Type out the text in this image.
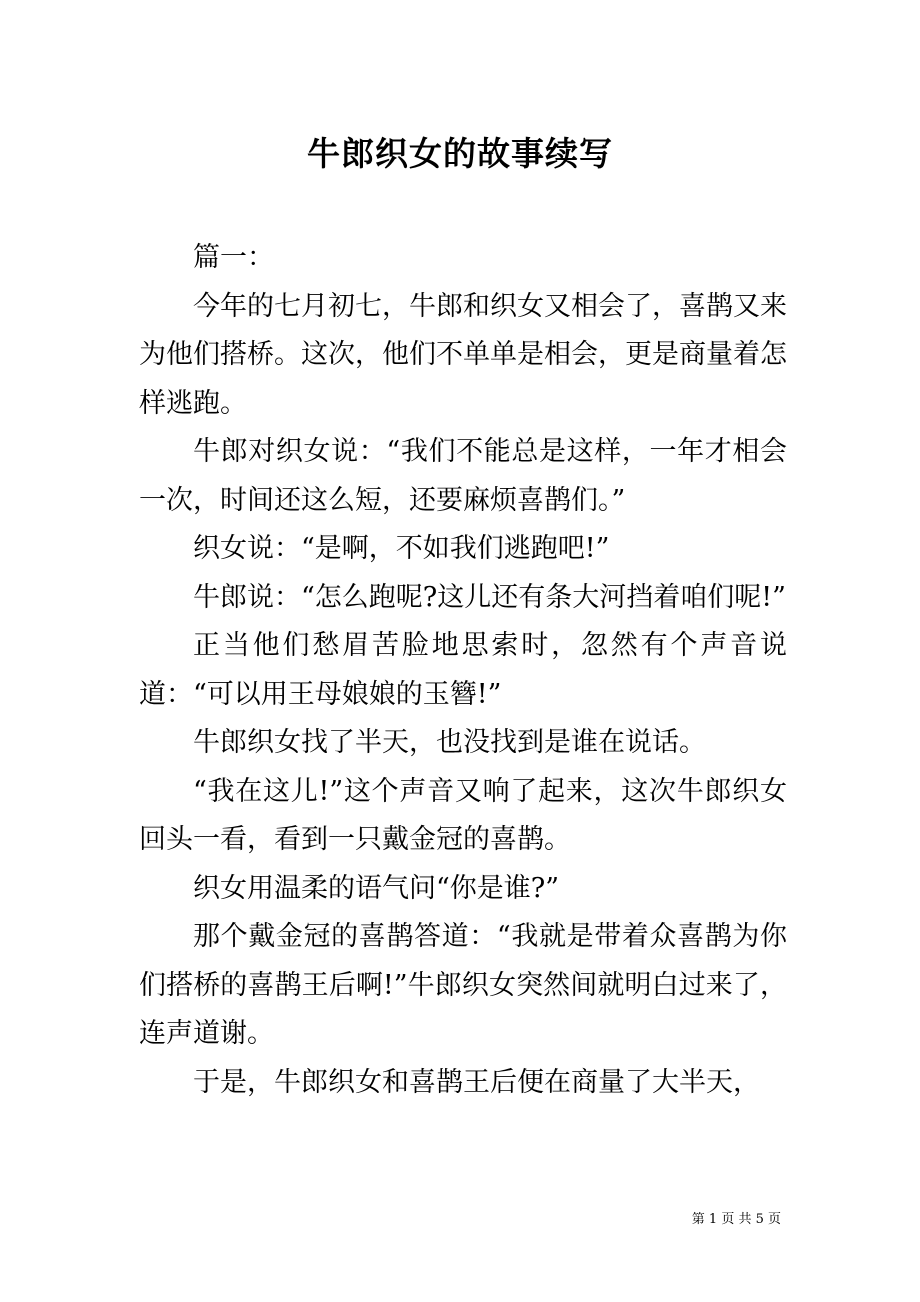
牛郎织女的故事续写

篇一：

今年的七月初七，牛郎和织女又相会了，喜鹊又来为他们搭桥。这次，他们不单单是相会，更是商量着怎样逃跑。

牛郎对织女说：“我们不能总是这样，一年才相会一次，时间还这么短，还要麻烦喜鹊们。”

织女说：“是啊，不如我们逃跑吧!”

牛郎说：“怎么跑呢?这儿还有条大河挡着咱们呢!”

正当他们愁眉苦脸地思索时，忽然有个声音说道：“可以用王母娘娘的玉簪!”

牛郎织女找了半天，也没找到是谁在说话。

“我在这儿!”这个声音又响了起来，这次牛郎织女回头一看，看到一只戴金冠的喜鹊。

织女用温柔的语气问“你是谁?”

那个戴金冠的喜鹊答道：“我就是带着众喜鹊为你们搭桥的喜鹊王后啊!”牛郎织女突然间就明白过来了，连声道谢。

于是，牛郎织女和喜鹊王后便在商量了大半天，

第 1 页 共 5 页
